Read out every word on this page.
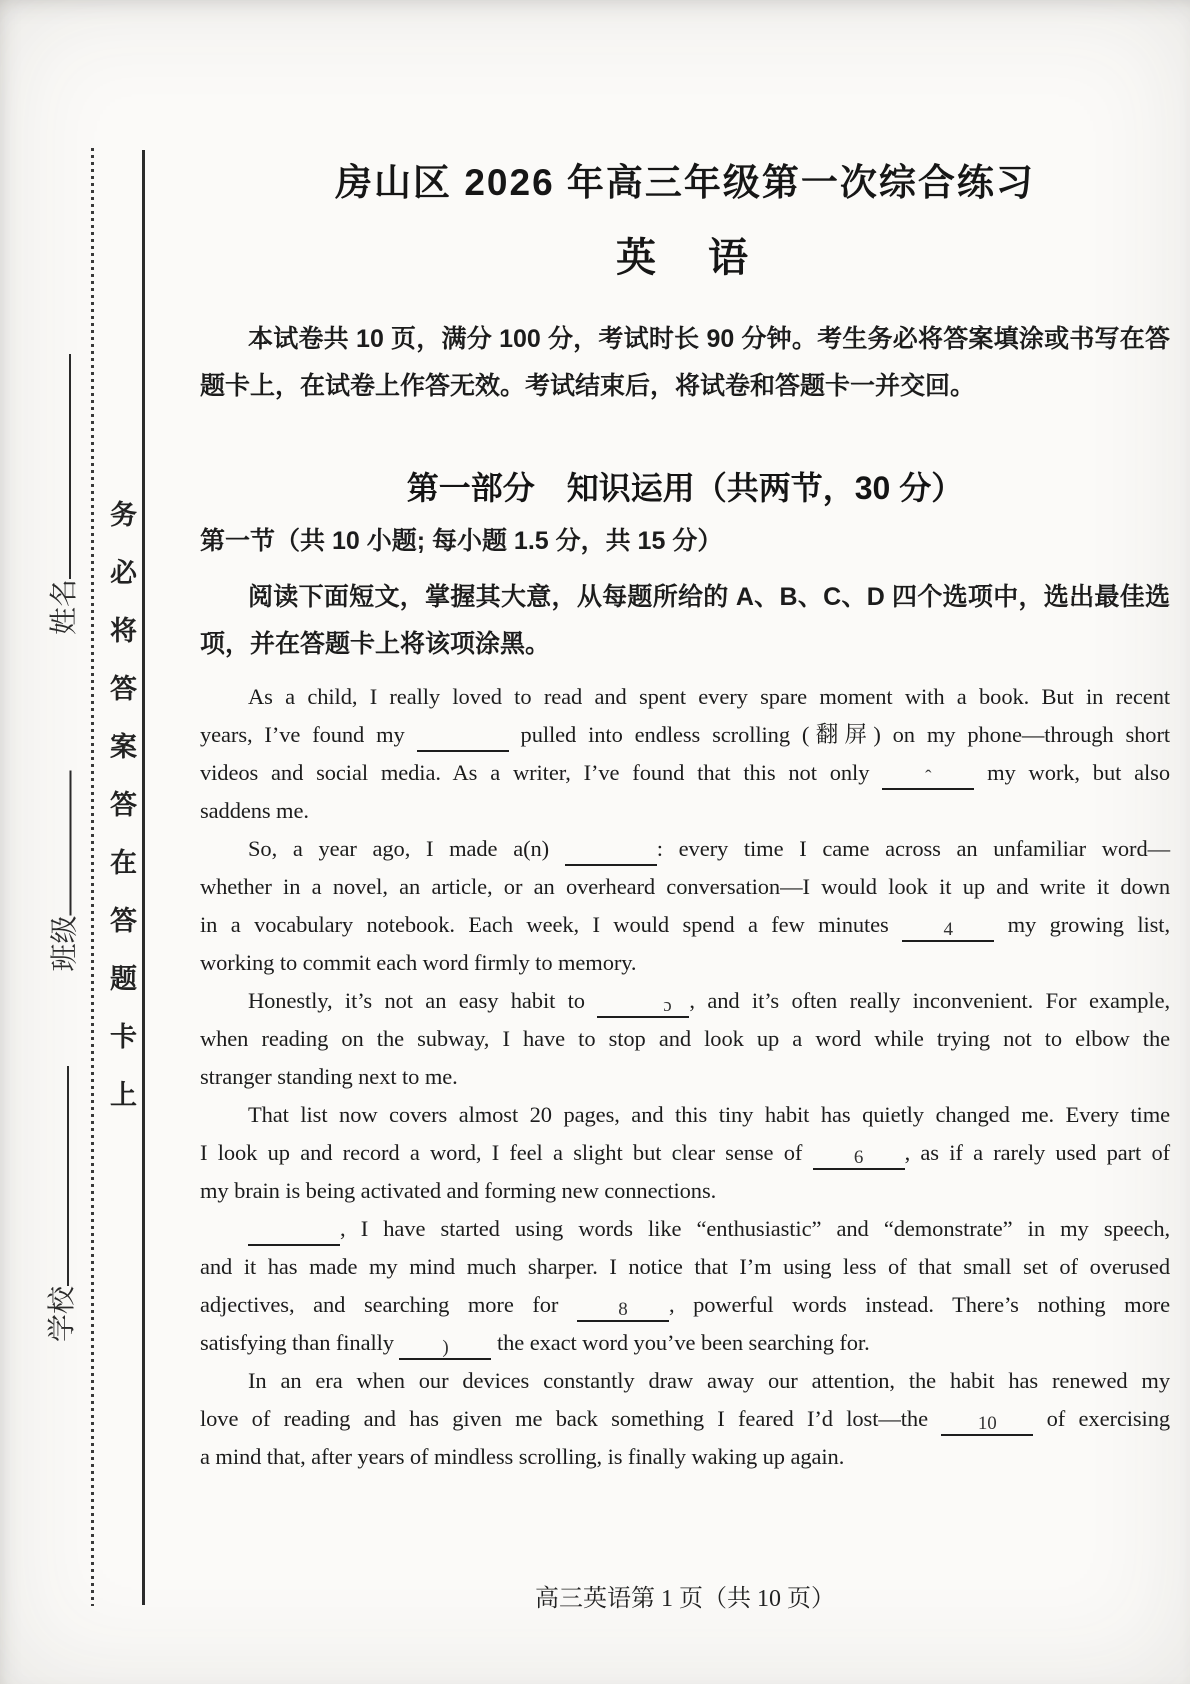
务必将答案答在答题卡上
姓名
班级
学校
房山区 2026 年高三年级第一次综合练习
英　语
本试卷共 10 页，满分 100 分，考试时长 90 分钟。考生务必将答案填涂或书写在答
题卡上，在试卷上作答无效。考试结束后，将试卷和答题卡一并交回。
第一部分　知识运用（共两节，30 分）
第一节（共 10 小题; 每小题 1.5 分，共 15 分）
阅读下面短文，掌握其大意，从每题所给的 A、B、C、D 四个选项中，选出最佳选
项，并在答题卡上将该项涂黑。
As a child, I really loved to read and spent every spare moment with a book. But in recent
years, I’ve found my	pulled into endless scrolling (翻屏) on my phone—through short
videos and social media. As a writer, I’ve found that this not only ˆ my work, but also
saddens me.
So, a year ago, I made a(n)	: every time I came across an unfamiliar word—
whether in a novel, an article, or an overheard conversation—I would look it up and write it down
in a vocabulary notebook. Each week, I would spend a few minutes 4 my growing list,
working to commit each word firmly to memory.
Honestly, it’s not an easy habit to	ɔ , and it’s often really inconvenient. For example,
when reading on the subway, I have to stop and look up a word while trying not to elbow the
stranger standing next to me.
That list now covers almost 20 pages, and this tiny habit has quietly changed me. Every time
I look up and record a word, I feel a slight but clear sense of 6 , as if a rarely used part of
my brain is being activated and forming new connections.
, I have started using words like “enthusiastic” and “demonstrate” in my speech,
and it has made my mind much sharper. I notice that I’m using less of that small set of overused
adjectives, and searching more for 8 , powerful words instead. There’s nothing more
satisfying than finally ) the exact word you’ve been searching for.
In an era when our devices constantly draw away our attention, the habit has renewed my
love of reading and has given me back something I feared I’d lost—the 10 of exercising
a mind that, after years of mindless scrolling, is finally waking up again.
高三英语第 1 页（共 10 页）
